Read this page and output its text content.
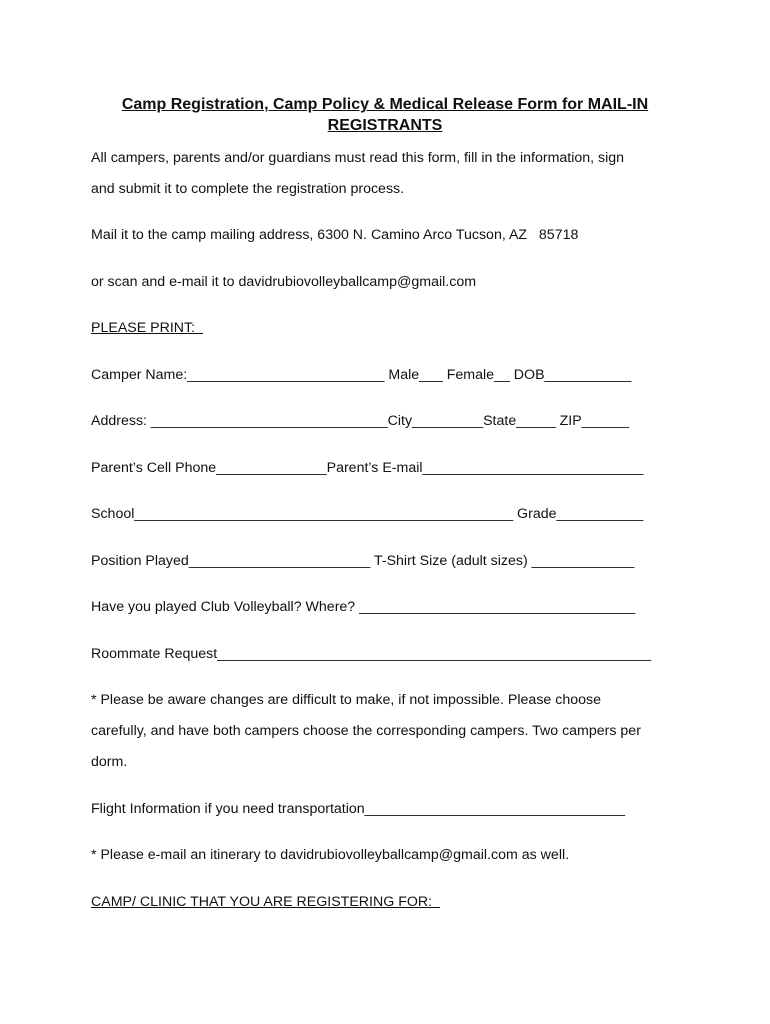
Camp Registration, Camp Policy & Medical Release Form for MAIL-IN
REGISTRANTS
All campers, parents and/or guardians must read this form, fill in the information, sign
and submit it to complete the registration process.
Mail it to the camp mailing address, 6300 N. Camino Arco Tucson, AZ   85718
or scan and e-mail it to davidrubiovolleyballcamp@gmail.com
PLEASE PRINT:
Camper Name:_________________________ Male___ Female__ DOB___________
Address: ______________________________City_________State_____ ZIP______
Parent’s Cell Phone______________Parent’s E-mail____________________________
School________________________________________________ Grade___________
Position Played_______________________ T-Shirt Size (adult sizes) _____________
Have you played Club Volleyball? Where? ___________________________________
Roommate Request_______________________________________________________
* Please be aware changes are difficult to make, if not impossible. Please choose
carefully, and have both campers choose the corresponding campers. Two campers per
dorm.
Flight Information if you need transportation_________________________________
* Please e-mail an itinerary to davidrubiovolleyballcamp@gmail.com as well.
CAMP/ CLINIC THAT YOU ARE REGISTERING FOR:
